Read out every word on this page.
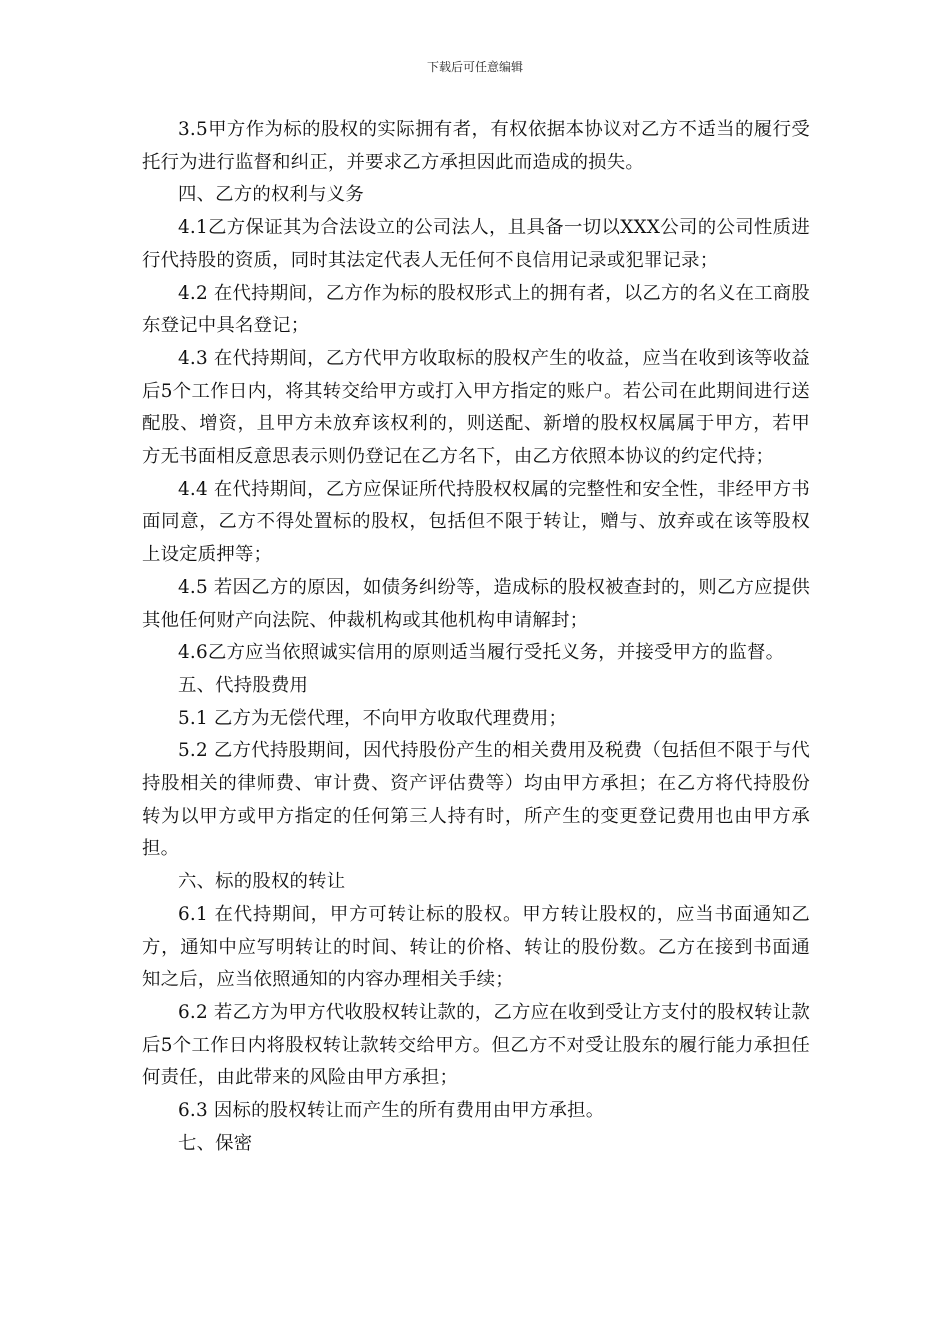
下载后可任意编辑

3.5甲方作为标的股权的实际拥有者，有权依据本协议对乙方不适当的履行受托行为进行监督和纠正，并要求乙方承担因此而造成的损失。

四、乙方的权利与义务

4.1乙方保证其为合法设立的公司法人，且具备一切以XXX公司的公司性质进行代持股的资质，同时其法定代表人无任何不良信用记录或犯罪记录；

4.2 在代持期间，乙方作为标的股权形式上的拥有者，以乙方的名义在工商股东登记中具名登记；

4.3 在代持期间，乙方代甲方收取标的股权产生的收益，应当在收到该等收益后5个工作日内，将其转交给甲方或打入甲方指定的账户。若公司在此期间进行送配股、增资，且甲方未放弃该权利的，则送配、新增的股权权属属于甲方，若甲方无书面相反意思表示则仍登记在乙方名下，由乙方依照本协议的约定代持；

4.4 在代持期间，乙方应保证所代持股权权属的完整性和安全性，非经甲方书面同意，乙方不得处置标的股权，包括但不限于转让，赠与、放弃或在该等股权上设定质押等；

4.5 若因乙方的原因，如债务纠纷等，造成标的股权被查封的，则乙方应提供其他任何财产向法院、仲裁机构或其他机构申请解封；

4.6乙方应当依照诚实信用的原则适当履行受托义务，并接受甲方的监督。

五、代持股费用

5.1 乙方为无偿代理，不向甲方收取代理费用；

5.2 乙方代持股期间，因代持股份产生的相关费用及税费（包括但不限于与代持股相关的律师费、审计费、资产评估费等）均由甲方承担；在乙方将代持股份转为以甲方或甲方指定的任何第三人持有时，所产生的变更登记费用也由甲方承担。

六、标的股权的转让

6.1 在代持期间，甲方可转让标的股权。甲方转让股权的，应当书面通知乙方，通知中应写明转让的时间、转让的价格、转让的股份数。乙方在接到书面通知之后，应当依照通知的内容办理相关手续；

6.2 若乙方为甲方代收股权转让款的，乙方应在收到受让方支付的股权转让款后5个工作日内将股权转让款转交给甲方。但乙方不对受让股东的履行能力承担任何责任，由此带来的风险由甲方承担；

6.3 因标的股权转让而产生的所有费用由甲方承担。

七、保密
